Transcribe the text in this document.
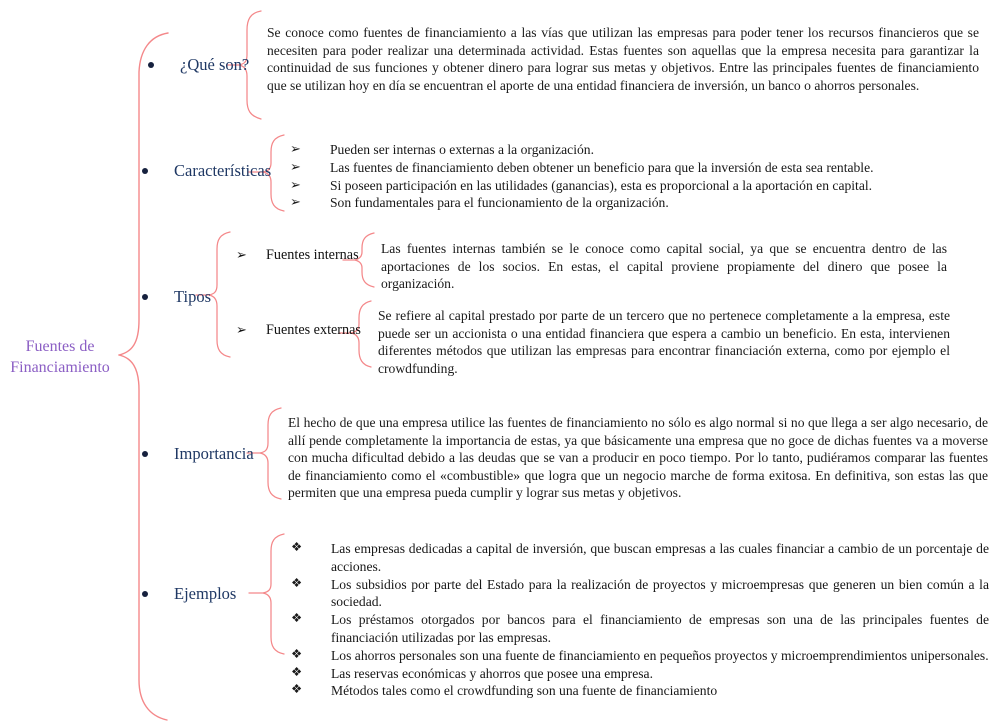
Fuentes de
Financiamiento
¿Qué son?
Se conoce como fuentes de financiamiento a las vías que utilizan las empresas para poder tener los recursos financieros que se necesiten para poder realizar una determinada actividad. Estas fuentes son aquellas que la empresa necesita para garantizar la continuidad de sus funciones y obtener dinero para lograr sus metas y objetivos. Entre las principales fuentes de financiamiento que se utilizan hoy en día se encuentran el aporte de una entidad financiera de inversión, un banco o ahorros personales.
Características
➢ Pueden ser internas o externas a la organización.
➢ Las fuentes de financiamiento deben obtener un beneficio para que la inversión de esta sea rentable.
➢ Si poseen participación en las utilidades (ganancias), esta es proporcional a la aportación en capital.
➢ Son fundamentales para el funcionamiento de la organización.
Tipos
➢ Fuentes internas Las fuentes internas también se le conoce como capital social, ya que se encuentra dentro de las aportaciones de los socios. En estas, el capital proviene propiamente del dinero que posee la organización.
➢ Fuentes externas
Se refiere al capital prestado por parte de un tercero que no pertenece completamente a la empresa, este puede ser un accionista o una entidad financiera que espera a cambio un beneficio. En esta, intervienen diferentes métodos que utilizan las empresas para encontrar financiación externa, como por ejemplo el crowdfunding.
Importancia
El hecho de que una empresa utilice las fuentes de financiamiento no sólo es algo normal si no que llega a ser algo necesario, de allí pende completamente la importancia de estas, ya que básicamente una empresa que no goce de dichas fuentes va a moverse con mucha dificultad debido a las deudas que se van a producir en poco tiempo. Por lo tanto, pudiéramos comparar las fuentes de financiamiento como el «combustible» que logra que un negocio marche de forma exitosa. En definitiva, son estas las que permiten que una empresa pueda cumplir y lograr sus metas y objetivos.
Ejemplos
❖ Las empresas dedicadas a capital de inversión, que buscan empresas a las cuales financiar a cambio de un porcentaje de acciones.
❖ Los subsidios por parte del Estado para la realización de proyectos y microempresas que generen un bien común a la sociedad.
❖ Los préstamos otorgados por bancos para el financiamiento de empresas son una de las principales fuentes de financiación utilizadas por las empresas.
❖ Los ahorros personales son una fuente de financiamiento en pequeños proyectos y microemprendimientos unipersonales.
❖ Las reservas económicas y ahorros que posee una empresa.
❖ Métodos tales como el crowdfunding son una fuente de financiamiento
